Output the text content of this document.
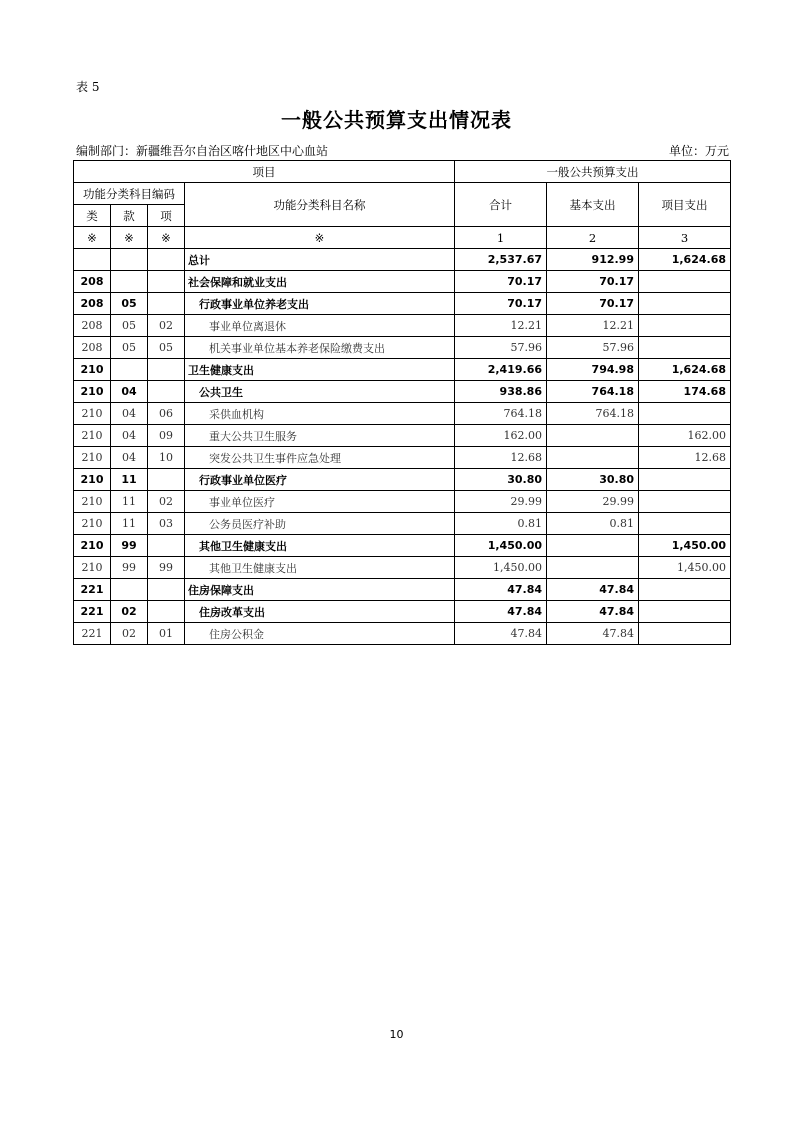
表 5
一般公共预算支出情况表
编制部门：新疆维吾尔自治区喀什地区中心血站	单位：万元
项目				一般公共预算支出		
功能分类科目编码			功能分类科目名称	合计	基本支出	项目支出
类	款	项				
※	※	※	※	1	2	3
			总计	2,537.67	912.99	1,624.68
208			社会保障和就业支出	70.17	70.17	
208	05		行政事业单位养老支出	70.17	70.17	
208	05	02	事业单位离退休	12.21	12.21	
208	05	05	机关事业单位基本养老保险缴费支出	57.96	57.96	
210			卫生健康支出	2,419.66	794.98	1,624.68
210	04		公共卫生	938.86	764.18	174.68
210	04	06	采供血机构	764.18	764.18	
210	04	09	重大公共卫生服务	162.00		162.00
210	04	10	突发公共卫生事件应急处理	12.68		12.68
210	11		行政事业单位医疗	30.80	30.80	
210	11	02	事业单位医疗	29.99	29.99	
210	11	03	公务员医疗补助	0.81	0.81	
210	99		其他卫生健康支出	1,450.00		1,450.00
210	99	99	其他卫生健康支出	1,450.00		1,450.00
221			住房保障支出	47.84	47.84	
221	02		住房改革支出	47.84	47.84	
221	02	01	住房公积金	47.84	47.84	
10
